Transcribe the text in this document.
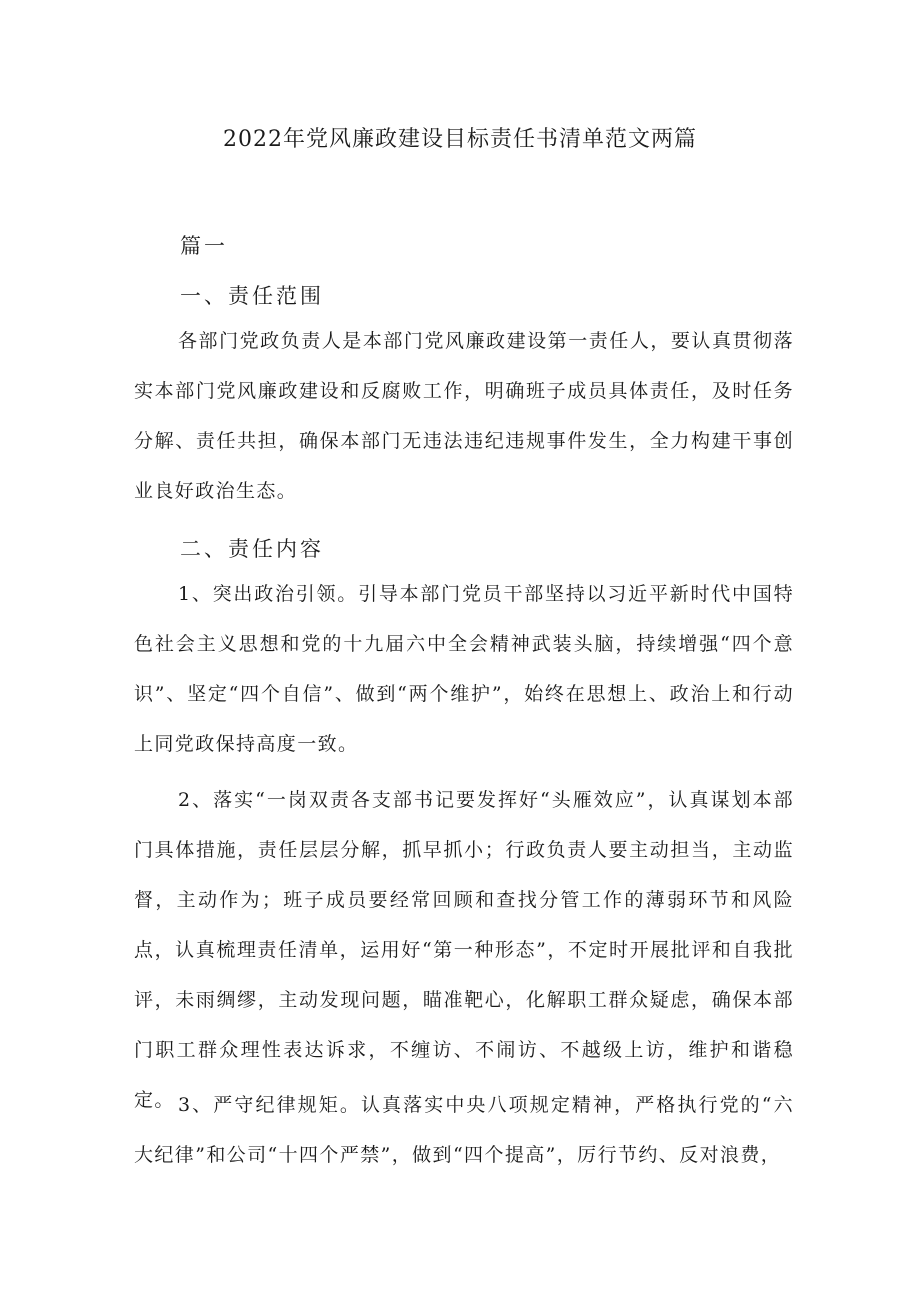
2022年党风廉政建设目标责任书清单范文两篇
篇一
一、责任范围

各部门党政负责人是本部门党风廉政建设第一责任人，要认真贯彻落实本部门党风廉政建设和反腐败工作，明确班子成员具体责任，及时任务分解、责任共担，确保本部门无违法违纪违规事件发生，全力构建干事创业良好政治生态。

二、责任内容

1、突出政治引领。引导本部门党员干部坚持以习近平新时代中国特色社会主义思想和党的十九届六中全会精神武装头脑，持续增强“四个意识”、坚定“四个自信”、做到“两个维护”，始终在思想上、政治上和行动上同党政保持高度一致。

2、落实“一岗双责各支部书记要发挥好“头雁效应”，认真谋划本部门具体措施，责任层层分解，抓早抓小；行政负责人要主动担当，主动监督，主动作为；班子成员要经常回顾和查找分管工作的薄弱环节和风险点，认真梳理责任清单，运用好“第一种形态”，不定时开展批评和自我批评，未雨绸缪，主动发现问题，瞄准靶心，化解职工群众疑虑，确保本部门职工群众理性表达诉求，不缠访、不闹访、不越级上访，维护和谐稳定。 3、严守纪律规矩。认真落实中央八项规定精神，严格执行党的“六大纪律”和公司“十四个严禁”，做到“四个提高”，厉行节约、反对浪费，
